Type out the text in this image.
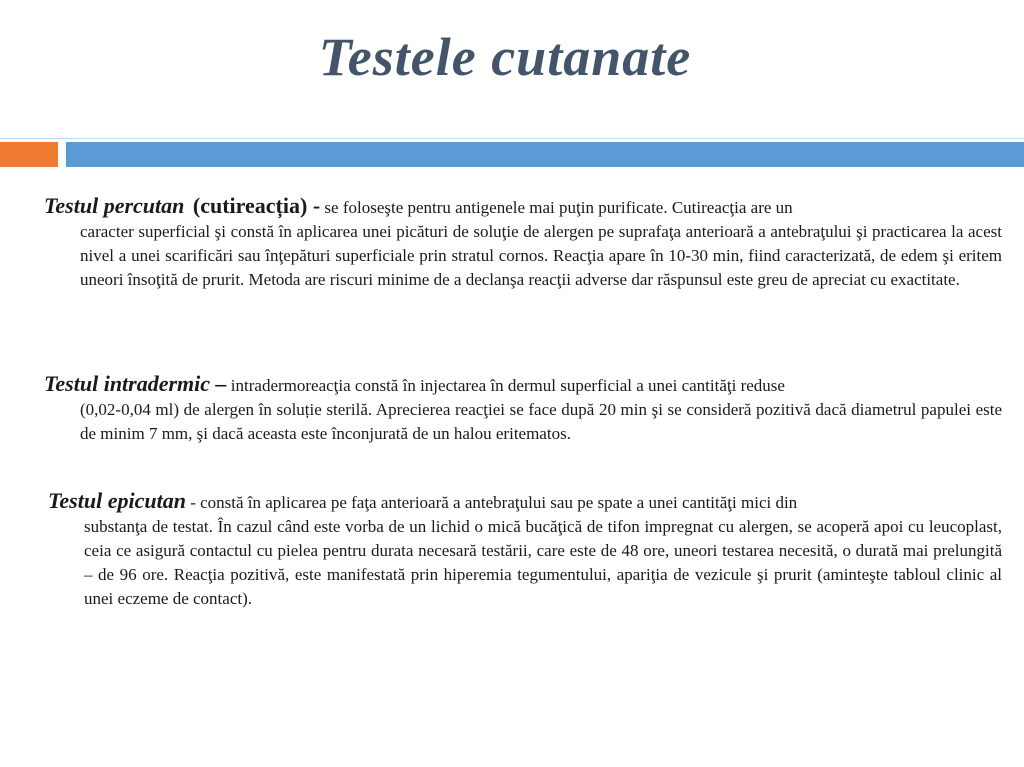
Testele cutanate
Testul percutan (cutireacția) - se foloseşte pentru antigenele mai puţin purificate. Cutireacţia are un
caracter superficial şi constă în aplicarea unei picături de soluţie de alergen pe suprafaţa anterioară a antebraţului şi practicarea la acest nivel a unei scarificări sau înţepături superficiale prin stratul cornos. Reacţia apare în 10-30 min, fiind caracterizată, de edem şi eritem uneori însoţită de prurit. Metoda are riscuri minime de a declanşa reacţii adverse dar răspunsul este greu de apreciat cu exactitate.
Testul intradermic – intradermoreacţia constă în injectarea în dermul superficial a unei cantităţi reduse
(0,02-0,04 ml) de alergen în soluție sterilă. Aprecierea reacţiei se face după 20 min şi se consideră pozitivă dacă diametrul papulei este de minim 7 mm, şi dacă aceasta este înconjurată de un halou eritematos.
Testul epicutan - constă în aplicarea pe faţa anterioară a antebraţului sau pe spate a unei cantităţi mici din
substanţa de testat. În cazul când este vorba de un lichid o mică bucăţică de tifon impregnat cu alergen, se acoperă apoi cu leucoplast, ceia ce asigură contactul cu pielea pentru durata necesară testării, care este de 48 ore, uneori testarea necesită, o durată mai prelungită – de 96 ore. Reacţia pozitivă, este manifestată prin hiperemia tegumentului, apariţia de vezicule şi prurit (aminteşte tabloul clinic al unei eczeme de contact).
